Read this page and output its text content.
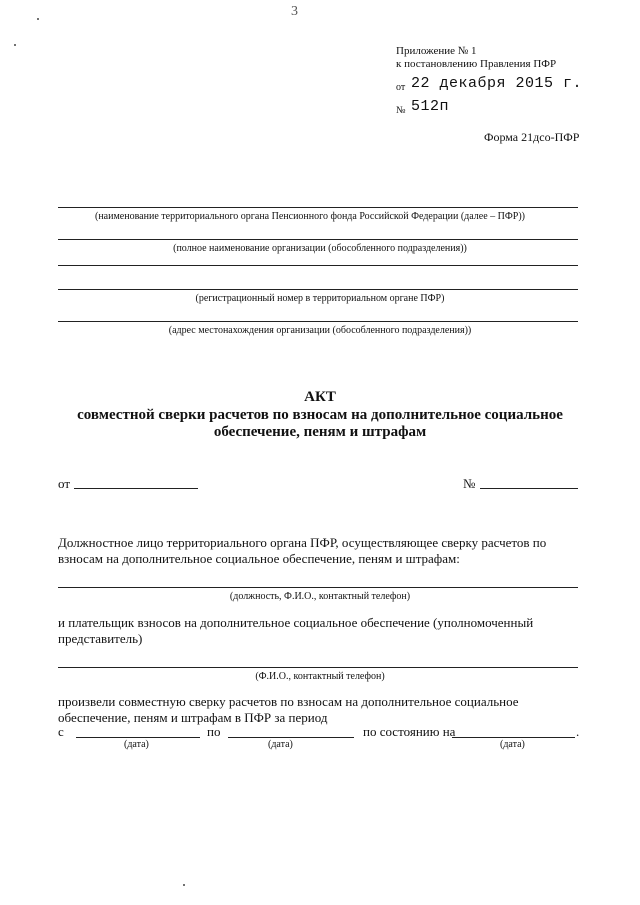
3
Приложение № 1
к постановлению Правления ПФР
от 22 декабря 2015 г.
№ 512п
Форма 21дсо-ПФР
(наименование территориального органа Пенсионного фонда Российской Федерации (далее – ПФР))
(полное наименование организации (обособленного подразделения))
(регистрационный номер в территориальном органе ПФР)
(адрес местонахождения организации (обособленного подразделения))
АКТ
совместной сверки расчетов по взносам на дополнительное социальное
обеспечение, пеням и штрафам
от	№
Должностное лицо территориального органа ПФР, осуществляющее сверку расчетов по
взносам на дополнительное социальное обеспечение, пеням и штрафам:
(должность, Ф.И.О., контактный телефон)
и плательщик взносов на дополнительное социальное обеспечение (уполномоченный
представитель)
(Ф.И.О., контактный телефон)
произвели совместную сверку расчетов по взносам на дополнительное социальное
обеспечение, пеням и штрафам в ПФР за период
с
(дата)
по
(дата)
по состоянию на	.
(дата)
